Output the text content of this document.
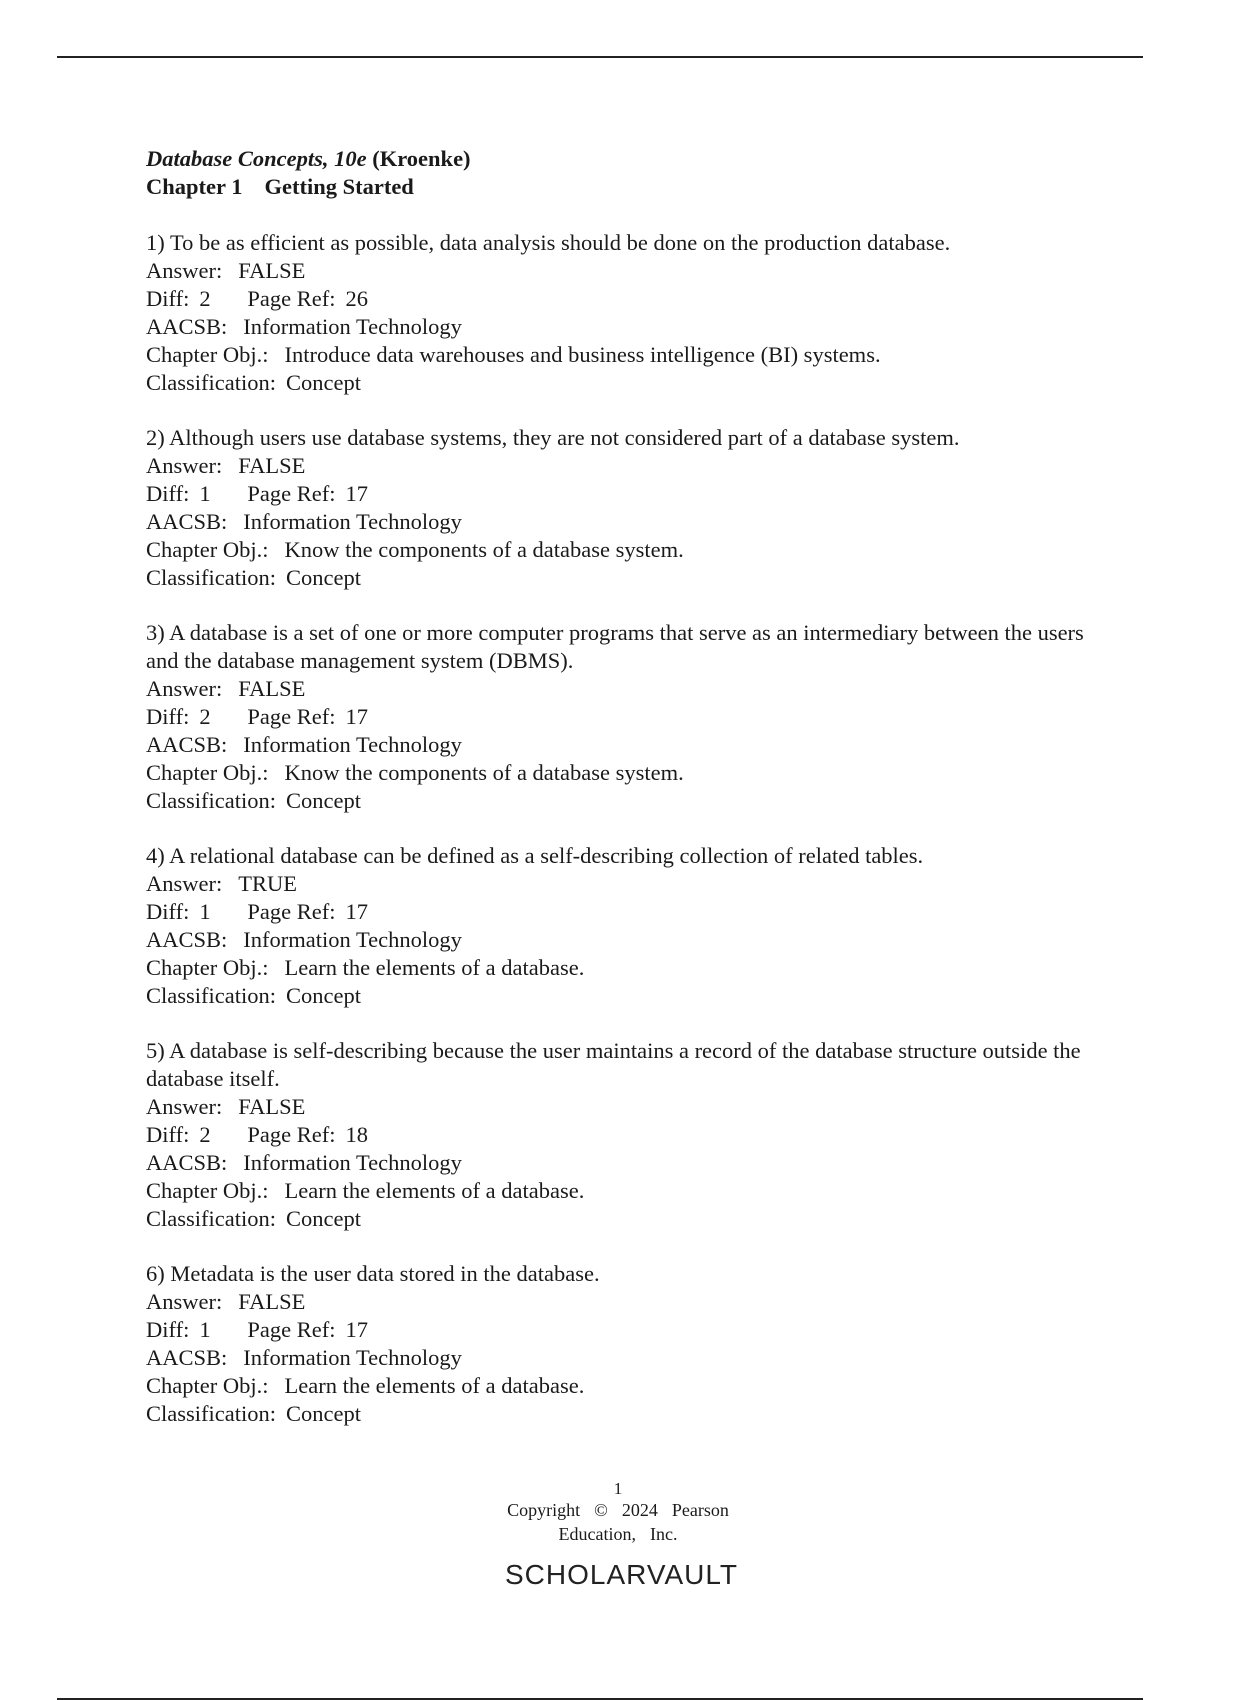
Database Concepts, 10e (Kroenke)
Chapter 1 Getting Started
1) To be as efficient as possible, data analysis should be done on the production database.
Answer: FALSE
Diff: 2 Page Ref: 26
AACSB: Information Technology
Chapter Obj.: Introduce data warehouses and business intelligence (BI) systems.
Classification: Concept
2) Although users use database systems, they are not considered part of a database system.
Answer: FALSE
Diff: 1 Page Ref: 17
AACSB: Information Technology
Chapter Obj.: Know the components of a database system.
Classification: Concept
3) A database is a set of one or more computer programs that serve as an intermediary between the users and the database management system (DBMS).
Answer: FALSE
Diff: 2 Page Ref: 17
AACSB: Information Technology
Chapter Obj.: Know the components of a database system.
Classification: Concept
4) A relational database can be defined as a self-describing collection of related tables.
Answer: TRUE
Diff: 1 Page Ref: 17
AACSB: Information Technology
Chapter Obj.: Learn the elements of a database.
Classification: Concept
5) A database is self-describing because the user maintains a record of the database structure outside the database itself.
Answer: FALSE
Diff: 2 Page Ref: 18
AACSB: Information Technology
Chapter Obj.: Learn the elements of a database.
Classification: Concept
6) Metadata is the user data stored in the database.
Answer: FALSE
Diff: 1 Page Ref: 17
AACSB: Information Technology
Chapter Obj.: Learn the elements of a database.
Classification: Concept
1
Copyright © 2024 Pearson
Education, Inc.
SCHOLARVAULT
